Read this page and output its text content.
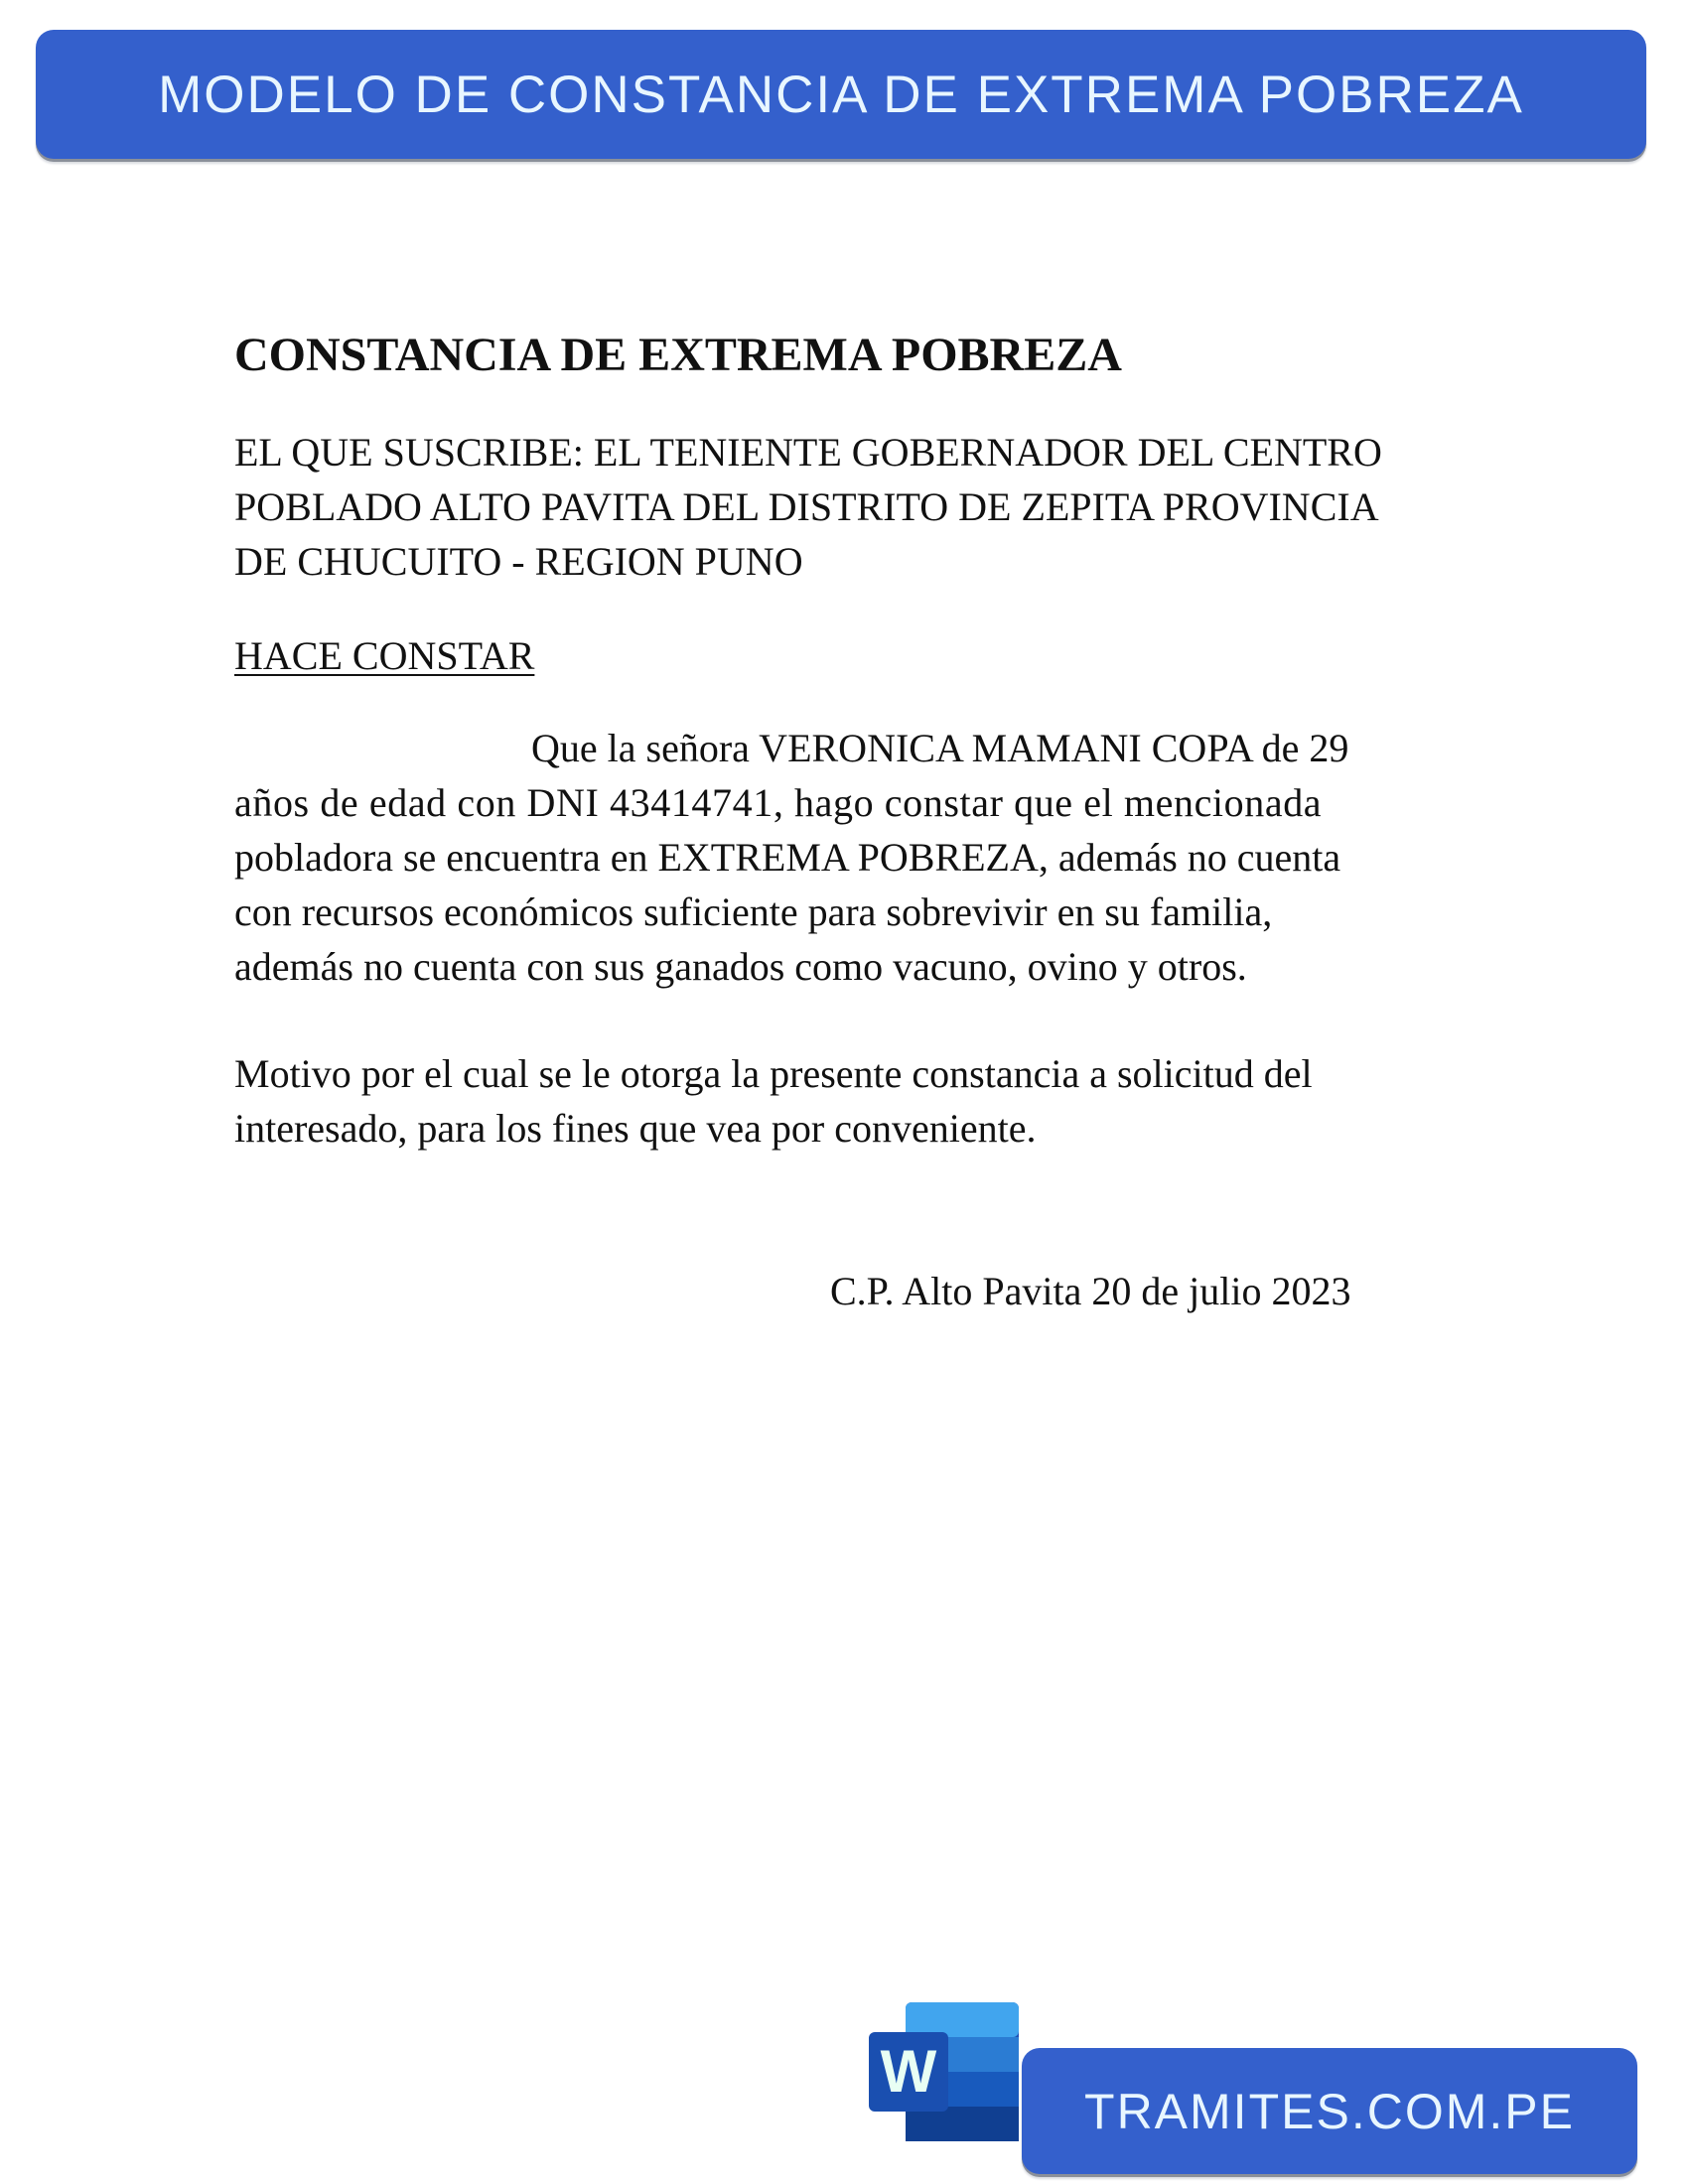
MODELO DE CONSTANCIA DE EXTREMA POBREZA
CONSTANCIA DE EXTREMA POBREZA
EL QUE SUSCRIBE: EL TENIENTE GOBERNADOR DEL CENTRO
POBLADO ALTO PAVITA DEL DISTRITO DE ZEPITA PROVINCIA
DE CHUCUITO - REGION PUNO
HACE CONSTAR
Que la señora VERONICA MAMANI COPA de 29
años de edad con DNI 43414741, hago constar que el mencionada
pobladora se encuentra en EXTREMA POBREZA, además no cuenta
con recursos económicos suficiente para sobrevivir en su familia,
además no cuenta con sus ganados como vacuno, ovino y otros.
Motivo por el cual se le otorga la presente constancia a solicitud del
interesado, para los fines que vea por conveniente.
C.P. Alto Pavita 20 de julio 2023
W
TRAMITES.COM.PE
